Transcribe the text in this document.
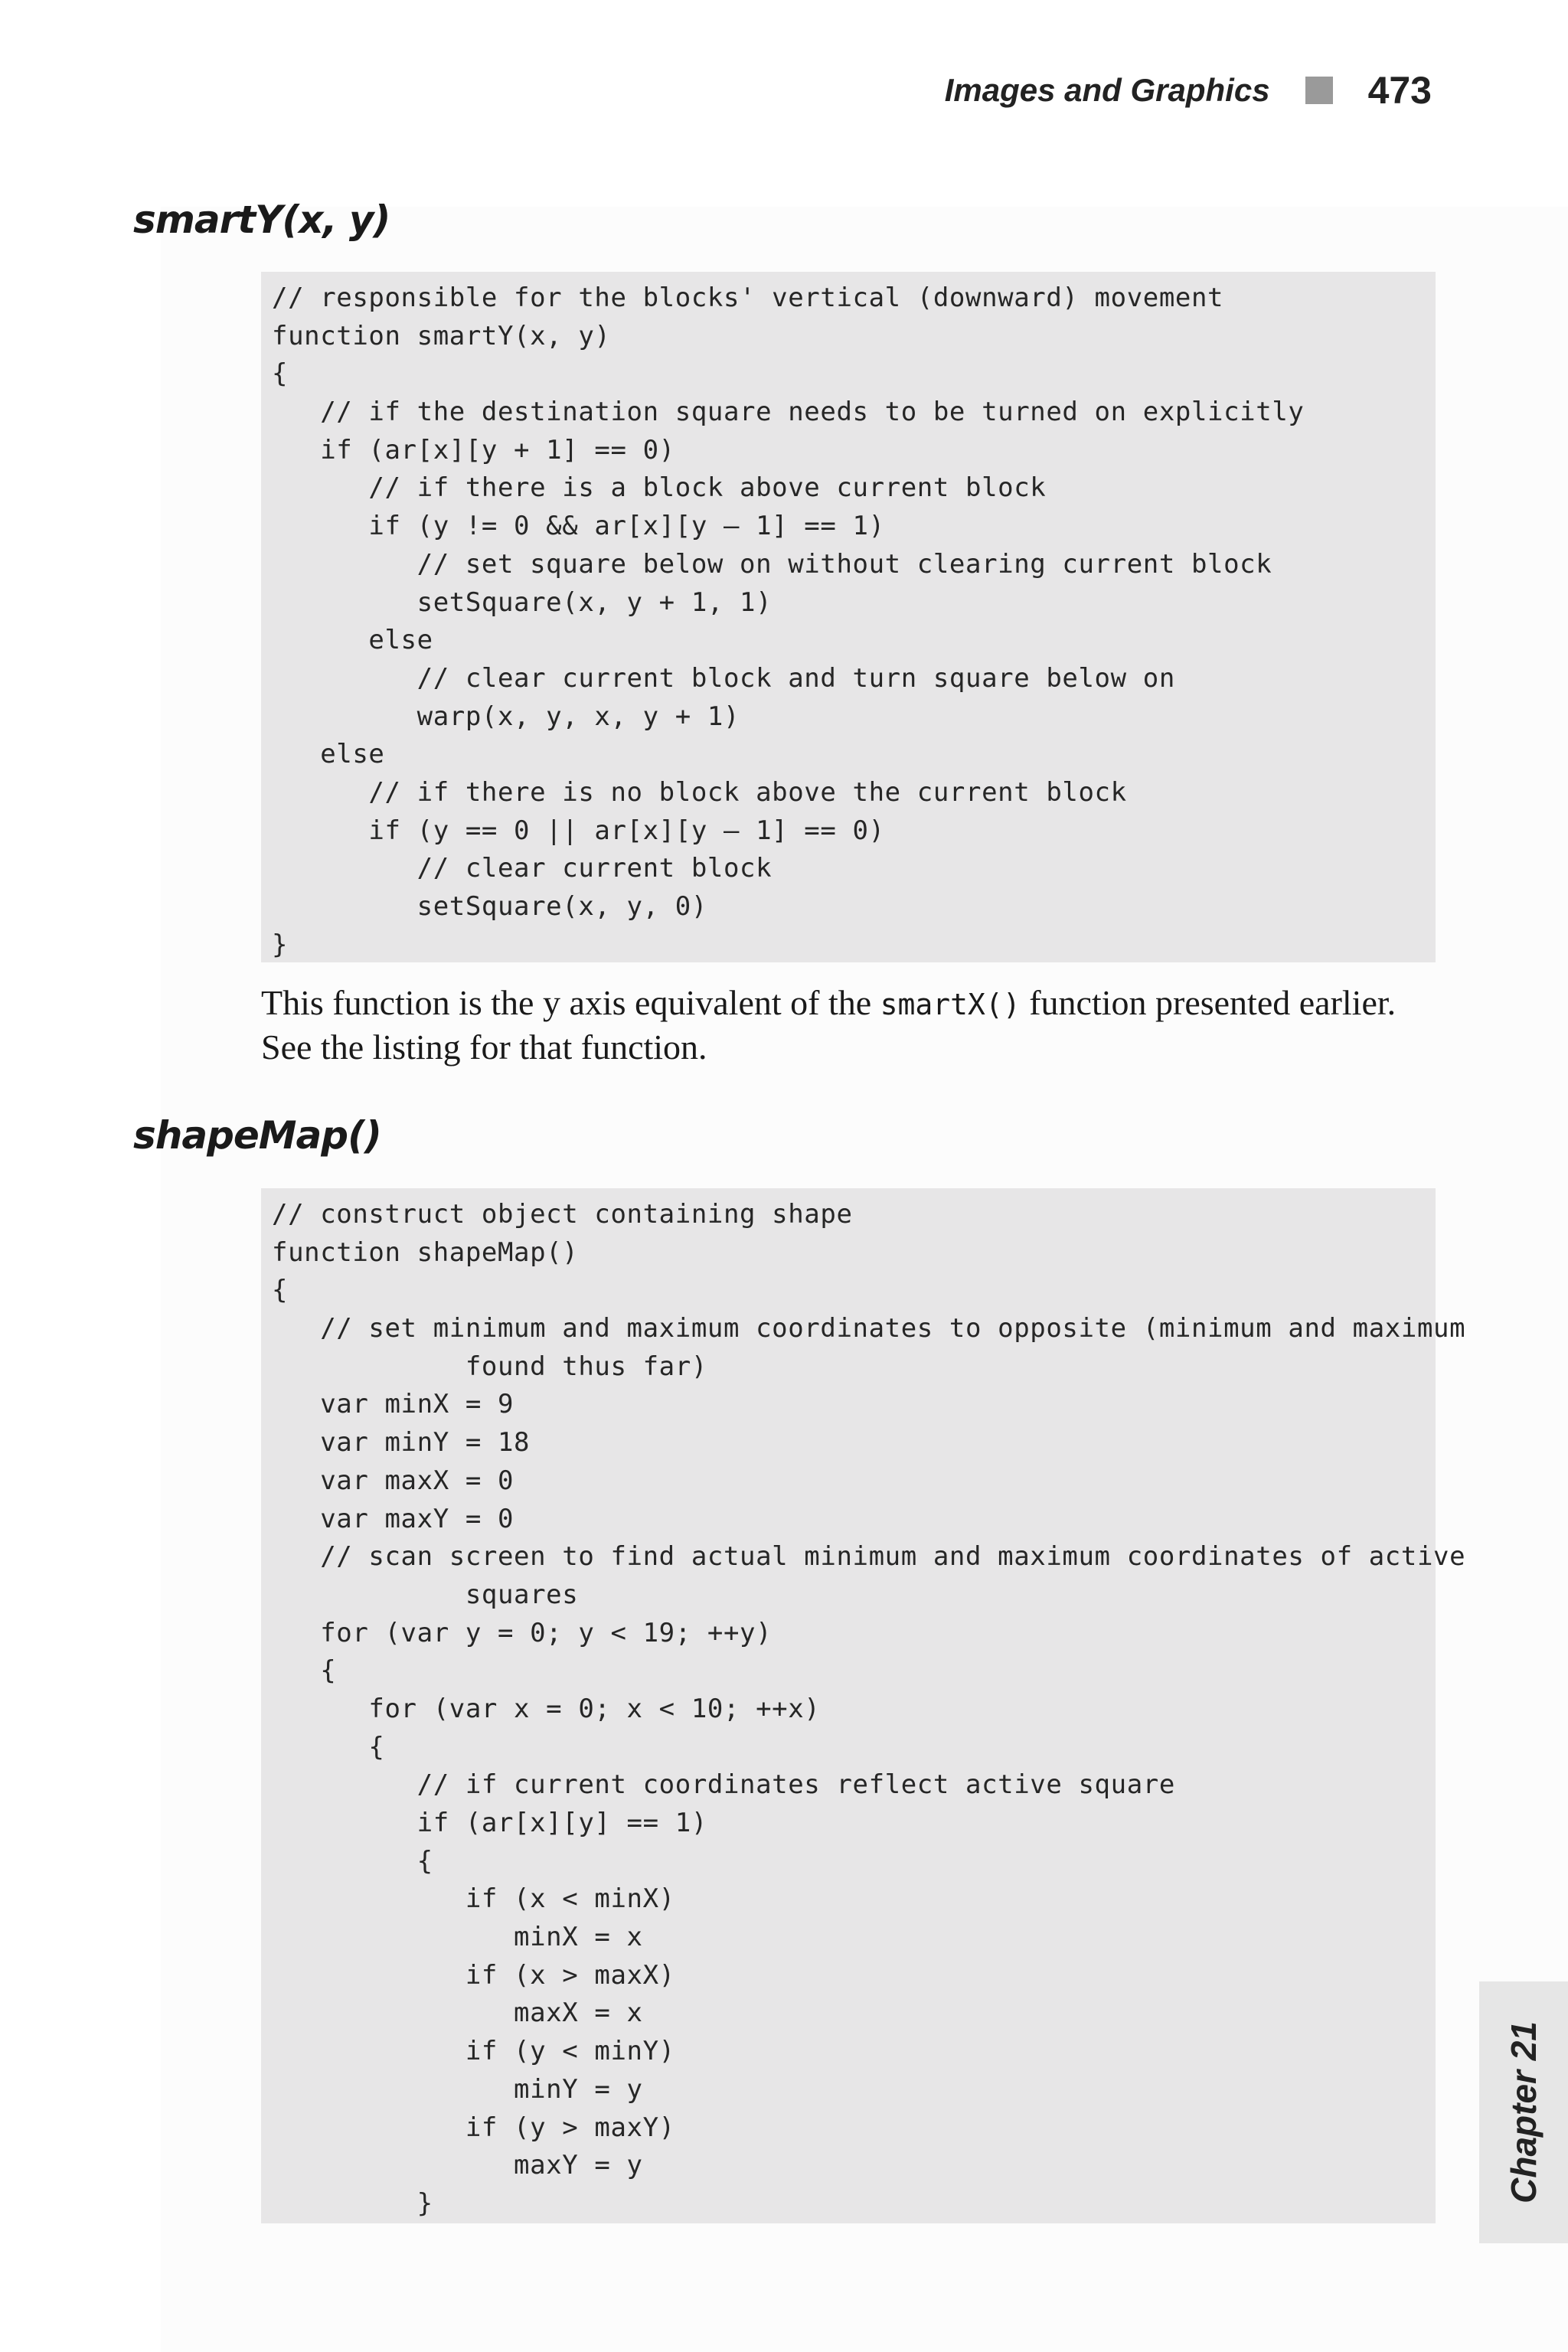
Images and Graphics	473
smartY(x, y)
// responsible for the blocks' vertical (downward) movement
function smartY(x, y)
{
// if the destination square needs to be turned on explicitly
if (ar[x][y + 1] == 0)
// if there is a block above current block
if (y != 0 && ar[x][y – 1] == 1)
// set square below on without clearing current block
setSquare(x, y + 1, 1)
else
// clear current block and turn square below on
warp(x, y, x, y + 1)
else
// if there is no block above the current block
if (y == 0 || ar[x][y – 1] == 0)
// clear current block
setSquare(x, y, 0)
}

This function is the y axis equivalent of the smartX() function presented earlier. See the listing for that function.

shapeMap()
// construct object containing shape
function shapeMap()
{
// set minimum and maximum coordinates to opposite (minimum and maximum
found thus far)
var minX = 9
var minY = 18
var maxX = 0
var maxY = 0
// scan screen to find actual minimum and maximum coordinates of active
squares
for (var y = 0; y < 19; ++y)
{
for (var x = 0; x < 10; ++x)
{
// if current coordinates reflect active square
if (ar[x][y] == 1)
{
if (x < minX)
minX = x
if (x > maxX)
maxX = x
if (y < minY)
minY = y
if (y > maxY)
maxY = y
}	Chapter 21
